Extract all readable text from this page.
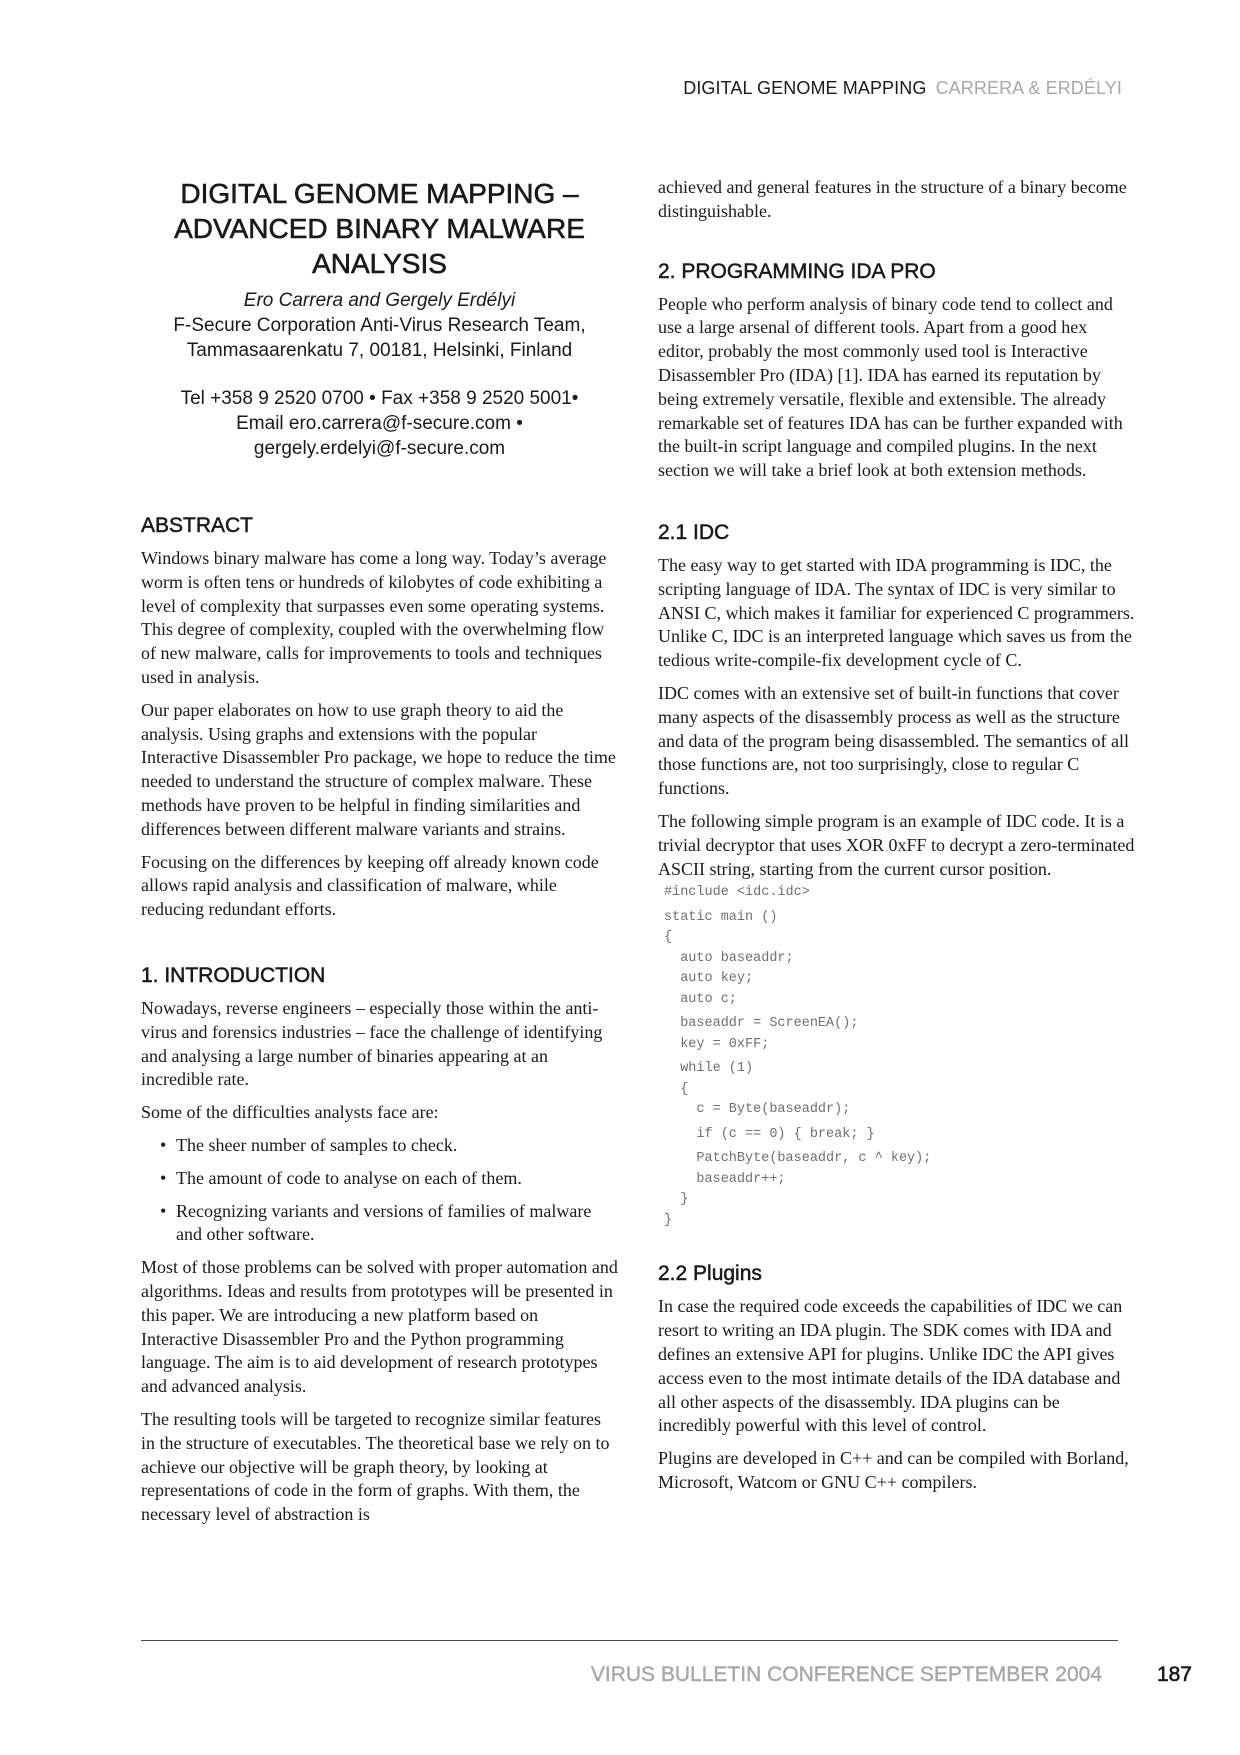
DIGITAL GENOME MAPPING CARRERA & ERDÉLYI
DIGITAL GENOME MAPPING –
ADVANCED BINARY MALWARE
ANALYSIS
Ero Carrera and Gergely Erdélyi
F-Secure Corporation Anti-Virus Research Team,
Tammasaarenkatu 7, 00181, Helsinki, Finland
Tel +358 9 2520 0700 • Fax +358 9 2520 5001•
Email ero.carrera@f-secure.com •
gergely.erdelyi@f-secure.com
ABSTRACT

Windows binary malware has come a long way. Today’s average worm is often tens or hundreds of kilobytes of code exhibiting a level of complexity that surpasses even some operating systems. This degree of complexity, coupled with the overwhelming flow of new malware, calls for improvements to tools and techniques used in analysis.

Our paper elaborates on how to use graph theory to aid the analysis. Using graphs and extensions with the popular Interactive Disassembler Pro package, we hope to reduce the time needed to understand the structure of complex malware. These methods have proven to be helpful in finding similarities and differences between different malware variants and strains.

Focusing on the differences by keeping off already known code allows rapid analysis and classification of malware, while reducing redundant efforts.

1. INTRODUCTION

Nowadays, reverse engineers – especially those within the anti-virus and forensics industries – face the challenge of identifying and analysing a large number of binaries appearing at an incredible rate.

Some of the difficulties analysts face are:

• The sheer number of samples to check.
• The amount of code to analyse on each of them.
• Recognizing variants and versions of families of malware and other software.

Most of those problems can be solved with proper automation and algorithms. Ideas and results from prototypes will be presented in this paper. We are introducing a new platform based on Interactive Disassembler Pro and the Python programming language. The aim is to aid development of research prototypes and advanced analysis.

The resulting tools will be targeted to recognize similar features in the structure of executables. The theoretical base we rely on to achieve our objective will be graph theory, by looking at representations of code in the form of graphs. With them, the necessary level of abstraction is

achieved and general features in the structure of a binary become distinguishable.

2. PROGRAMMING IDA PRO

People who perform analysis of binary code tend to collect and use a large arsenal of different tools. Apart from a good hex editor, probably the most commonly used tool is Interactive Disassembler Pro (IDA) [1]. IDA has earned its reputation by being extremely versatile, flexible and extensible. The already remarkable set of features IDA has can be further expanded with the built-in script language and compiled plugins. In the next section we will take a brief look at both extension methods.

2.1 IDC

The easy way to get started with IDA programming is IDC, the scripting language of IDA. The syntax of IDC is very similar to ANSI C, which makes it familiar for experienced C programmers. Unlike C, IDC is an interpreted language which saves us from the tedious write-compile-fix development cycle of C.

IDC comes with an extensive set of built-in functions that cover many aspects of the disassembly process as well as the structure and data of the program being disassembled. The semantics of all those functions are, not too surprisingly, close to regular C functions.

The following simple program is an example of IDC code. It is a trivial decryptor that uses XOR 0xFF to decrypt a zero-terminated ASCII string, starting from the current cursor position.

#include <idc.idc>
static main ()
{
auto baseaddr;
auto key;
auto c;
baseaddr = ScreenEA();
key = 0xFF;
while (1)
{
c = Byte(baseaddr);
if (c == 0) { break; }
PatchByte(baseaddr, c ^ key);
baseaddr++;
}
}
2.2 Plugins

In case the required code exceeds the capabilities of IDC we can resort to writing an IDA plugin. The SDK comes with IDA and defines an extensive API for plugins. Unlike IDC the API gives access even to the most intimate details of the IDA database and all other aspects of the disassembly. IDA plugins can be incredibly powerful with this level of control.

Plugins are developed in C++ and can be compiled with Borland, Microsoft, Watcom or GNU C++ compilers.

VIRUS BULLETIN CONFERENCE SEPTEMBER 2004	187
